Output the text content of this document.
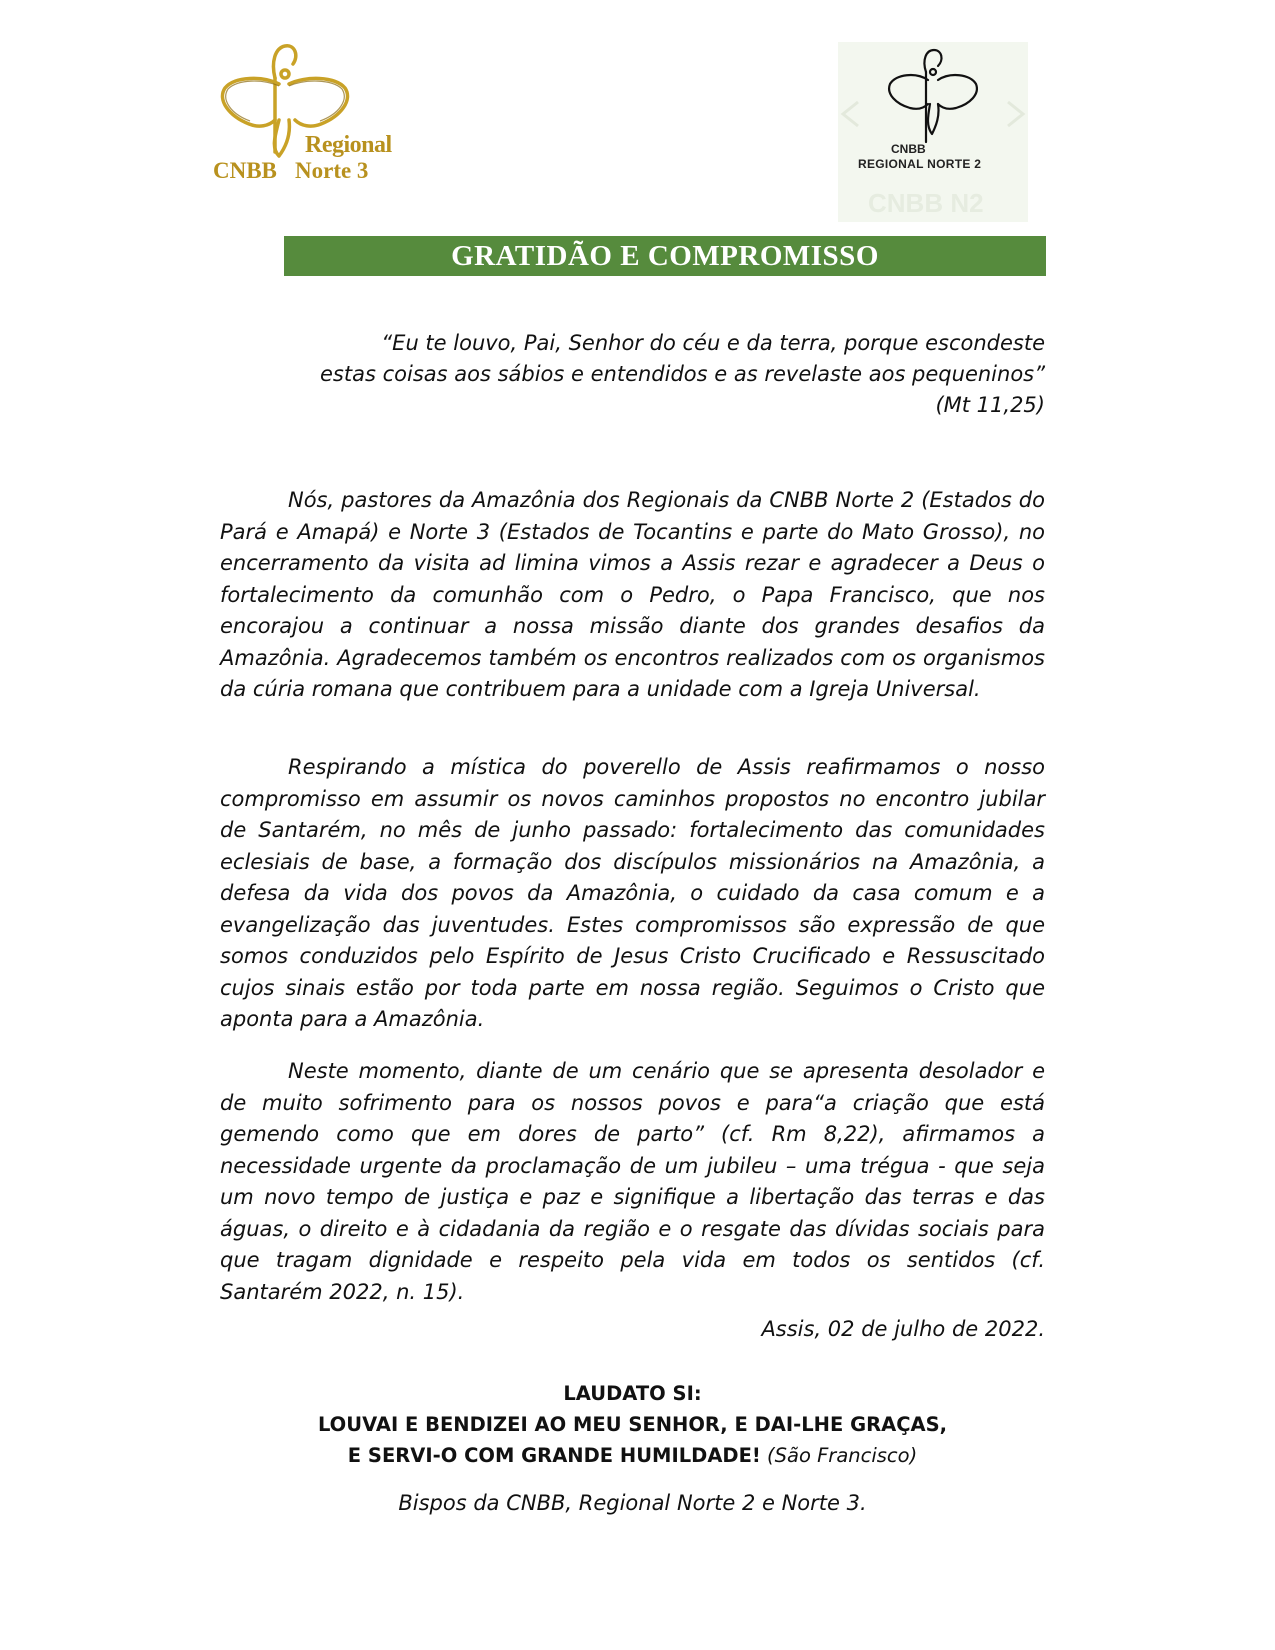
Regional
CNBB Norte 3
CNBB N2
CNBB
REGIONAL NORTE 2
GRATIDÃO E COMPROMISSO

“Eu te louvo, Pai, Senhor do céu e da terra, porque escondeste

estas coisas aos sábios e entendidos e as revelaste aos pequeninos”

(Mt 11,25)

Nós, pastores da Amazônia dos Regionais da CNBB Norte 2 (Estados do Pará e Amapá) e Norte 3 (Estados de Tocantins e parte do Mato Grosso), no encerramento da visita ad limina vimos a Assis rezar e agradecer a Deus o fortalecimento da comunhão com o Pedro, o Papa Francisco, que nos encorajou a continuar a nossa missão diante dos grandes desafios da Amazônia. Agradecemos também os encontros realizados com os organismos da cúria romana que contribuem para a unidade com a Igreja Universal.

Respirando a mística do poverello de Assis reafirmamos o nosso compromisso em assumir os novos caminhos propostos no encontro jubilar de Santarém, no mês de junho passado: fortalecimento das comunidades eclesiais de base, a formação dos discípulos missionários na Amazônia, a defesa da vida dos povos da Amazônia, o cuidado da casa comum e a evangelização das juventudes. Estes compromissos são expressão de que somos conduzidos pelo Espírito de Jesus Cristo Crucificado e Ressuscitado cujos sinais estão por toda parte em nossa região. Seguimos o Cristo que aponta para a Amazônia.

Neste momento, diante de um cenário que se apresenta desolador e de muito sofrimento para os nossos povos e para“a criação que está gemendo como que em dores de parto” (cf. Rm 8,22), afirmamos a necessidade urgente da proclamação de um jubileu – uma trégua - que seja um novo tempo de justiça e paz e signifique a libertação das terras e das águas, o direito e à cidadania da região e o resgate das dívidas sociais para que tragam dignidade e respeito pela vida em todos os sentidos (cf. Santarém 2022, n. 15).

Assis, 02 de julho de 2022.
LAUDATO SI:
LOUVAI E BENDIZEI AO MEU SENHOR, E DAI-LHE GRAÇAS,
E SERVI-O COM GRANDE HUMILDADE! (São Francisco)
Bispos da CNBB, Regional Norte 2 e Norte 3.
